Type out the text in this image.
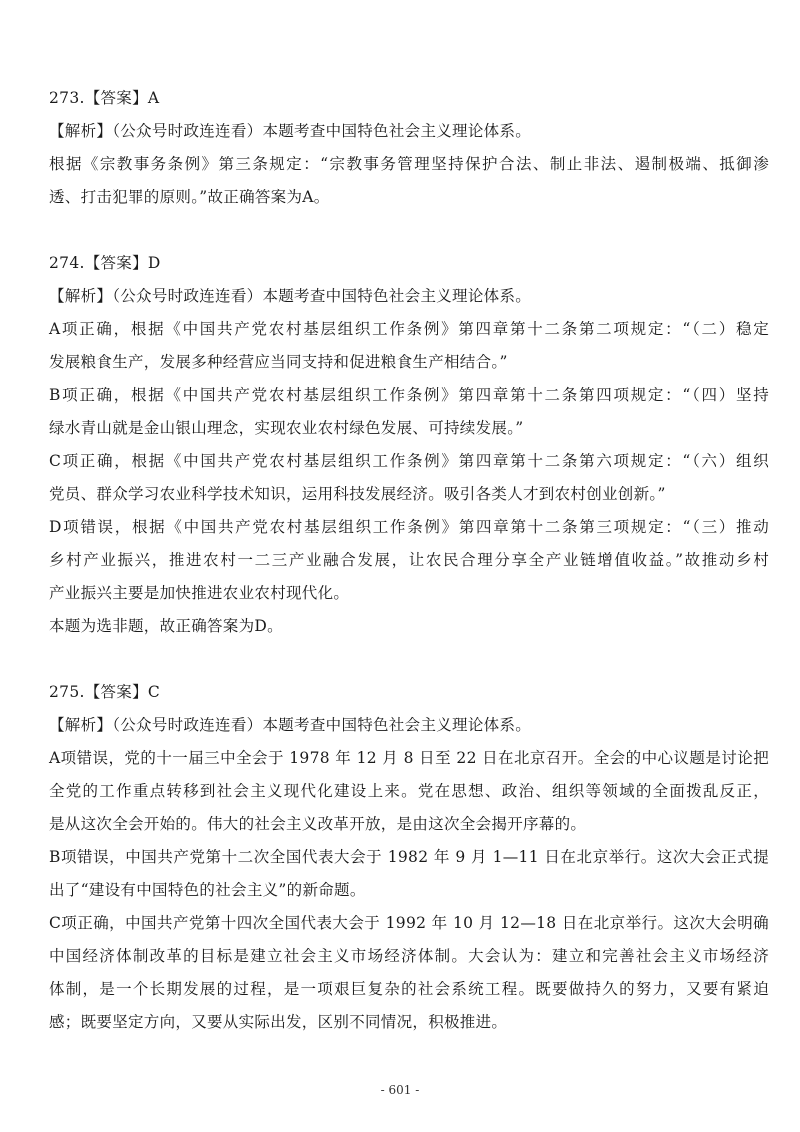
273.【答案】A
【解析】（公众号时政连连看）本题考查中国特色社会主义理论体系。
根据《宗教事务条例》第三条规定：“宗教事务管理坚持保护合法、制止非法、遏制极端、抵御渗
透、打击犯罪的原则。”故正确答案为A。
274.【答案】D
【解析】（公众号时政连连看）本题考查中国特色社会主义理论体系。
A项正确，根据《中国共产党农村基层组织工作条例》第四章第十二条第二项规定：“（二）稳定
发展粮食生产，发展多种经营应当同支持和促进粮食生产相结合。”
B项正确，根据《中国共产党农村基层组织工作条例》第四章第十二条第四项规定：“（四）坚持
绿水青山就是金山银山理念，实现农业农村绿色发展、可持续发展。”
C项正确，根据《中国共产党农村基层组织工作条例》第四章第十二条第六项规定：“（六）组织
党员、群众学习农业科学技术知识，运用科技发展经济。吸引各类人才到农村创业创新。”
D项错误，根据《中国共产党农村基层组织工作条例》第四章第十二条第三项规定：“（三）推动
乡村产业振兴，推进农村一二三产业融合发展，让农民合理分享全产业链增值收益。”故推动乡村
产业振兴主要是加快推进农业农村现代化。
本题为选非题，故正确答案为D。
275.【答案】C
【解析】（公众号时政连连看）本题考查中国特色社会主义理论体系。
A项错误，党的十一届三中全会于 1978 年 12 月 8 日至 22 日在北京召开。全会的中心议题是讨论把
全党的工作重点转移到社会主义现代化建设上来。党在思想、政治、组织等领域的全面拨乱反正，
是从这次全会开始的。伟大的社会主义改革开放，是由这次全会揭开序幕的。
B项错误，中国共产党第十二次全国代表大会于 1982 年 9 月 1—11 日在北京举行。这次大会正式提
出了“建设有中国特色的社会主义”的新命题。
C项正确，中国共产党第十四次全国代表大会于 1992 年 10 月 12—18 日在北京举行。这次大会明确
中国经济体制改革的目标是建立社会主义市场经济体制。大会认为：建立和完善社会主义市场经济
体制，是一个长期发展的过程，是一项艰巨复杂的社会系统工程。既要做持久的努力，又要有紧迫
感；既要坚定方向，又要从实际出发，区别不同情况，积极推进。
- 601 -
